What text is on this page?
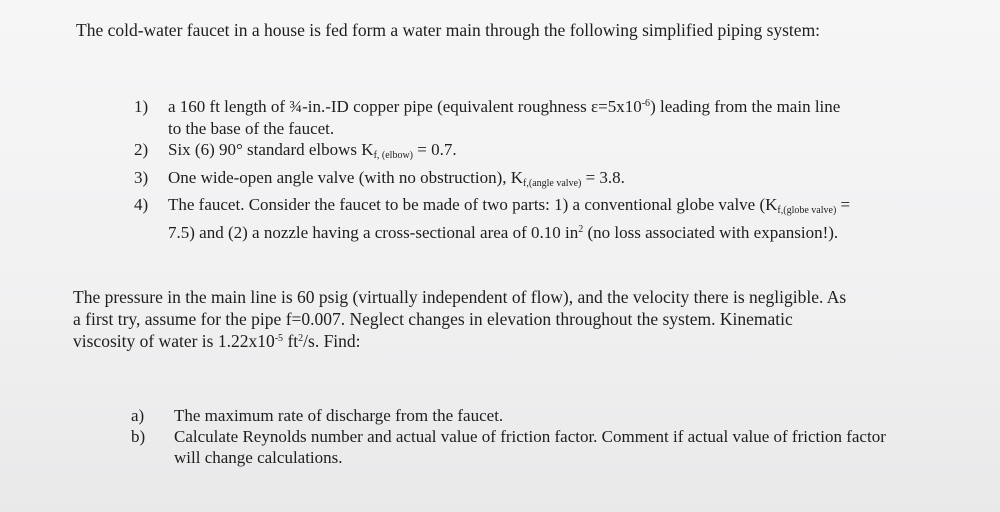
The cold-water faucet in a house is fed form a water main through the following simplified piping system:
1) a 160 ft length of ¾-in.-ID copper pipe (equivalent roughness $\varepsilon=5x10^{-6}$) leading from the main line to the base of the faucet.
2) Six (6) 90° standard elbows $K_{f, (elbow)} = 0.7$.
3) One wide-open angle valve (with no obstruction), $K_{f,(angle valve)} = 3.8$.
4) The faucet. Consider the faucet to be made of two parts: 1) a conventional globe valve $(K_{f,(globe valve)} = 7.5)$ and (2) a nozzle having a cross-sectional area of 0.10 $in^2$ (no loss associated with expansion!).
The pressure in the main line is 60 psig (virtually independent of flow), and the velocity there is negligible. As a first try, assume for the pipe f=0.007. Neglect changes in elevation throughout the system. Kinematic viscosity of water is $1.22x10^{-5}$ $ft^2/s$. Find:
a) The maximum rate of discharge from the faucet.
b) Calculate Reynolds number and actual value of friction factor. Comment if actual value of friction factor will change calculations.
